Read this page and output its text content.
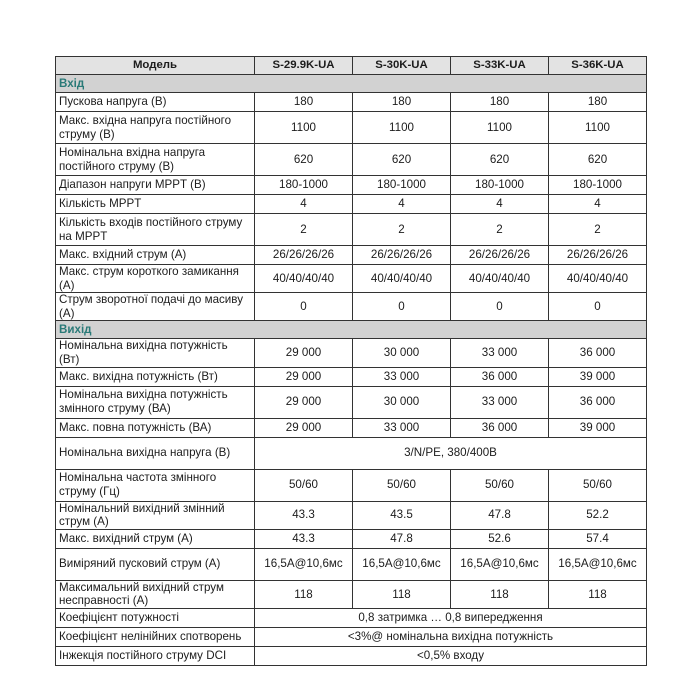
Модель	S-29.9K-UA	S-30K-UA	S-33K-UA	S-36K-UA
Вхід				
Пускова напруга (В)	180	180	180	180
Макс. вхідна напруга постійного струму (В)	1100	1100	1100	1100
Номінальна вхідна напруга постійного струму (В)	620	620	620	620
Діапазон напруги MPPT (В)	180-1000	180-1000	180-1000	180-1000
Кількість MPPT	4	4	4	4
Кількість входів постійного струму на MPPT	2	2	2	2
Макс. вхідний струм (А)	26/26/26/26	26/26/26/26	26/26/26/26	26/26/26/26
Макс. струм короткого замикання (А)	40/40/40/40	40/40/40/40	40/40/40/40	40/40/40/40
Струм зворотної подачі до масиву (А)	0	0	0	0
Вихід				
Номінальна вихідна потужність (Вт)	29 000	30 000	33 000	36 000
Макс. вихідна потужність (Вт)	29 000	33 000	36 000	39 000
Номінальна вихідна потужність змінного струму (ВА)	29 000	30 000	33 000	36 000
Макс. повна потужність (ВА)	29 000	33 000	36 000	39 000
Номінальна вихідна напруга (В)	3/N/PE, 380/400В			
Номінальна частота змінного струму (Гц)	50/60	50/60	50/60	50/60
Номінальний вихідний змінний струм (А)	43.3	43.5	47.8	52.2
Макс. вихідний струм (А)	43.3	47.8	52.6	57.4
Виміряний пусковий струм (А)	16,5А@10,6мс	16,5А@10,6мс	16,5А@10,6мс	16,5А@10,6мс
Максимальний вихідний струм несправності (А)	118	118	118	118
Коефіцієнт потужності	0,8 затримка … 0,8 випередження			
Коефіцієнт нелінійних спотворень	<3%@ номінальна вихідна потужність			
Інжекція постійного струму DCI	<0,5% входу			
